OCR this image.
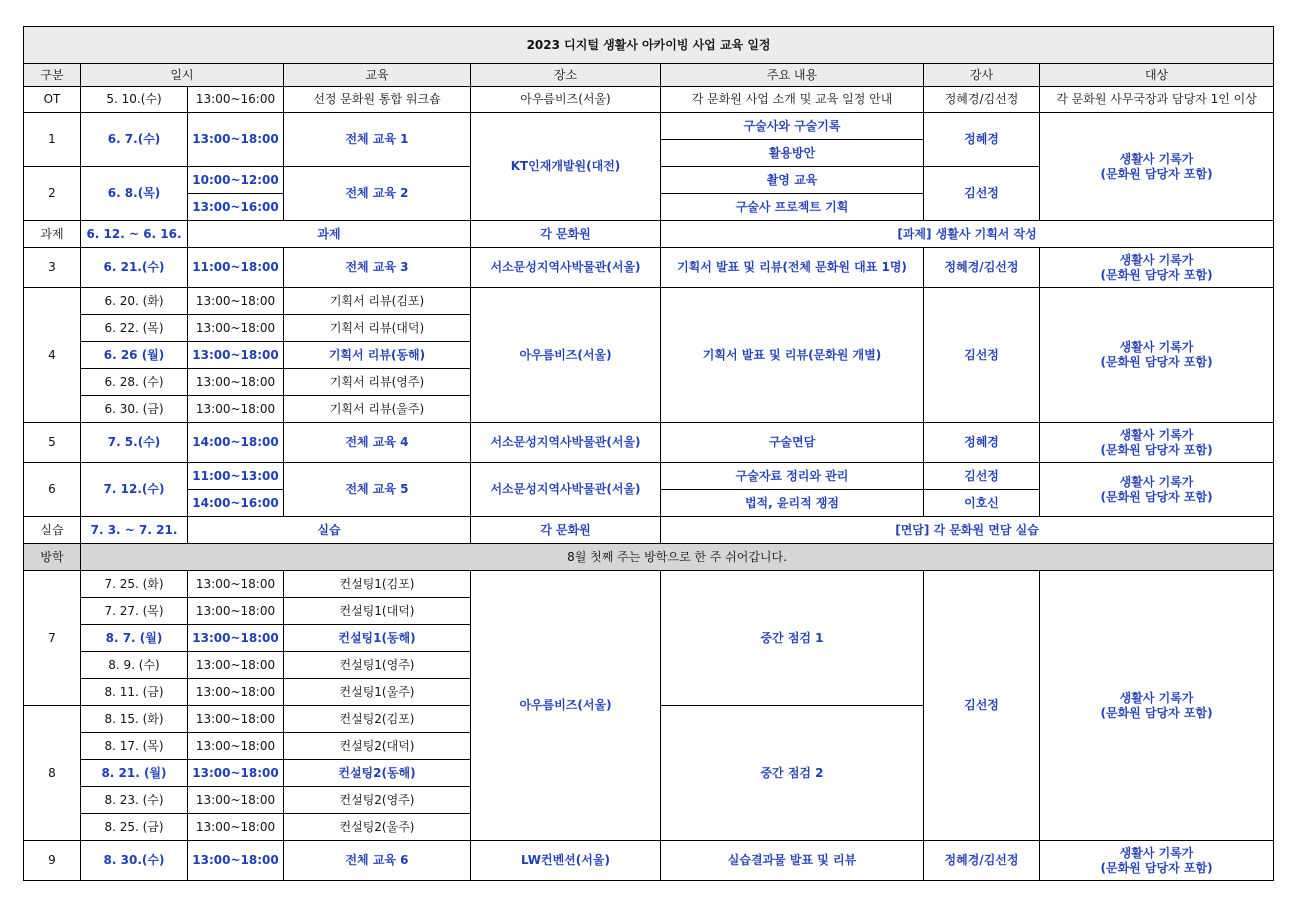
2023 디지털 생활사 아카이빙 사업 교육 일정							
구분	일시		교육	장소	주요 내용	강사	대상
OT	5. 10.(수)	13:00~16:00	선정 문화원 통합 워크숍	아우름비즈(서울)	각 문화원 사업 소개 및 교육 일정 안내	정혜경/김선정	각 문화원 사무국장과 담당자 1인 이상
1	6. 7.(수)	13:00~18:00	전체 교육 1	KT인재개발원(대전)	구술사와 구술기록	정혜경	생활사 기록가
(문화원 담당자 포함)
					활용방안		
2	6. 8.(목)	10:00~12:00	전체 교육 2		촬영 교육	김선정	
		13:00~16:00			구술사 프로젝트 기획		
과제	6. 12. ~ 6. 16.	과제		각 문화원	[과제] 생활사 기획서 작성		
3	6. 21.(수)	11:00~18:00	전체 교육 3	서소문성지역사박물관(서울)	기획서 발표 및 리뷰(전체 문화원 대표 1명)	정혜경/김선정	생활사 기록가
(문화원 담당자 포함)
4	6. 20. (화)	13:00~18:00	기획서 리뷰(김포)	아우름비즈(서울)	기획서 발표 및 리뷰(문화원 개별)	김선정	생활사 기록가
(문화원 담당자 포함)
	6. 22. (목)	13:00~18:00	기획서 리뷰(대덕)				
	6. 26 (월)	13:00~18:00	기획서 리뷰(동해)				
	6. 28. (수)	13:00~18:00	기획서 리뷰(영주)				
	6. 30. (금)	13:00~18:00	기획서 리뷰(울주)				
5	7. 5.(수)	14:00~18:00	전체 교육 4	서소문성지역사박물관(서울)	구술면담	정혜경	생활사 기록가
(문화원 담당자 포함)
6	7. 12.(수)	11:00~13:00	전체 교육 5	서소문성지역사박물관(서울)	구술자료 정리와 관리	김선정	생활사 기록가
(문화원 담당자 포함)
		14:00~16:00			법적, 윤리적 쟁점	이호신	
실습	7. 3. ~ 7. 21.	실습		각 문화원	[면담] 각 문화원 면담 실습		
방학	8월 첫째 주는 방학으로 한 주 쉬어갑니다.						
7	7. 25. (화)	13:00~18:00	컨설팅1(김포)	아우름비즈(서울)	중간 점검 1	김선정	생활사 기록가
(문화원 담당자 포함)
	7. 27. (목)	13:00~18:00	컨설팅1(대덕)				
	8. 7. (월)	13:00~18:00	컨설팅1(동해)				
	8. 9. (수)	13:00~18:00	컨설팅1(영주)				
	8. 11. (금)	13:00~18:00	컨설팅1(울주)				
8	8. 15. (화)	13:00~18:00	컨설팅2(김포)		중간 점검 2		
	8. 17. (목)	13:00~18:00	컨설팅2(대덕)				
	8. 21. (월)	13:00~18:00	컨설팅2(동해)				
	8. 23. (수)	13:00~18:00	컨설팅2(영주)				
	8. 25. (금)	13:00~18:00	컨설팅2(울주)				
9	8. 30.(수)	13:00~18:00	전체 교육 6	LW컨벤션(서울)	실습결과물 발표 및 리뷰	정혜경/김선정	생활사 기록가
(문화원 담당자 포함)
